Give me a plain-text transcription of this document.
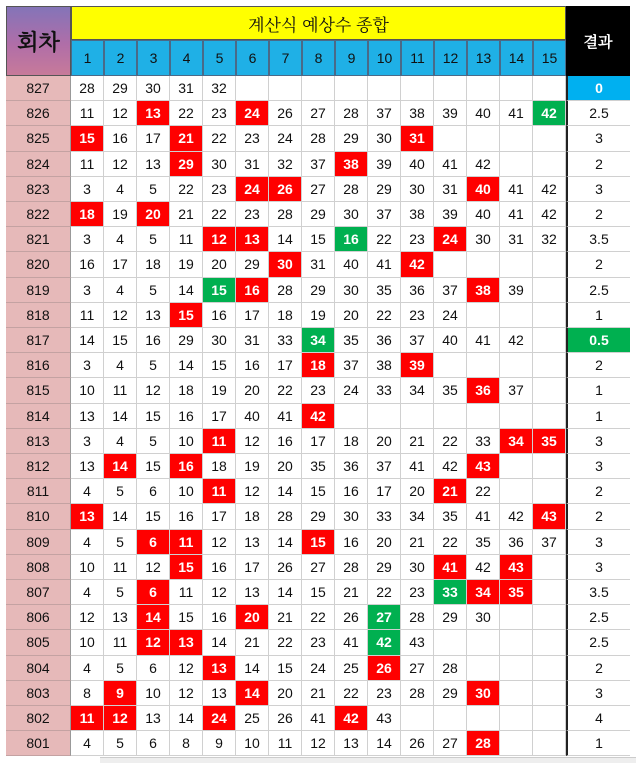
회차
계산식 예상수 종합
결과
1	2	3	4	5	6	7	8	9	10	11	12	13	14	15
827	28	29	30	31	32	0
826	11	12	13	22	23	24	26	27	28	37	38	39	40	41	42	2.5
825	15	16	17	21	22	23	24	28	29	30	31	3
824	11	12	13	29	30	31	32	37	38	39	40	41	42	2
823	3	4	5	22	23	24	26	27	28	29	30	31	40	41	42	3
822	18	19	20	21	22	23	28	29	30	37	38	39	40	41	42	2
821	3	4	5	11	12	13	14	15	16	22	23	24	30	31	32	3.5
820	16	17	18	19	20	29	30	31	40	41	42	2
819	3	4	5	14	15	16	28	29	30	35	36	37	38	39	2.5
818	11	12	13	15	16	17	18	19	20	22	23	24	1
817	14	15	16	29	30	31	33	34	35	36	37	40	41	42	0.5
816	3	4	5	14	15	16	17	18	37	38	39	2
815	10	11	12	18	19	20	22	23	24	33	34	35	36	37	1
814	13	14	15	16	17	40	41	42	1
813	3	4	5	10	11	12	16	17	18	20	21	22	33	34	35	3
812	13	14	15	16	18	19	20	35	36	37	41	42	43	3
811	4	5	6	10	11	12	14	15	16	17	20	21	22	2
810	13	14	15	16	17	18	28	29	30	33	34	35	41	42	43	2
809	4	5	6	11	12	13	14	15	16	20	21	22	35	36	37	3
808	10	11	12	15	16	17	26	27	28	29	30	41	42	43	3
807	4	5	6	11	12	13	14	15	21	22	23	33	34	35	3.5
806	12	13	14	15	16	20	21	22	26	27	28	29	30	2.5
805	10	11	12	13	14	21	22	23	41	42	43	2.5
804	4	5	6	12	13	14	15	24	25	26	27	28	2
803	8	9	10	12	13	14	20	21	22	23	28	29	30	3
802	11	12	13	14	24	25	26	41	42	43	4
801	4	5	6	8	9	10	11	12	13	14	26	27	28	1
